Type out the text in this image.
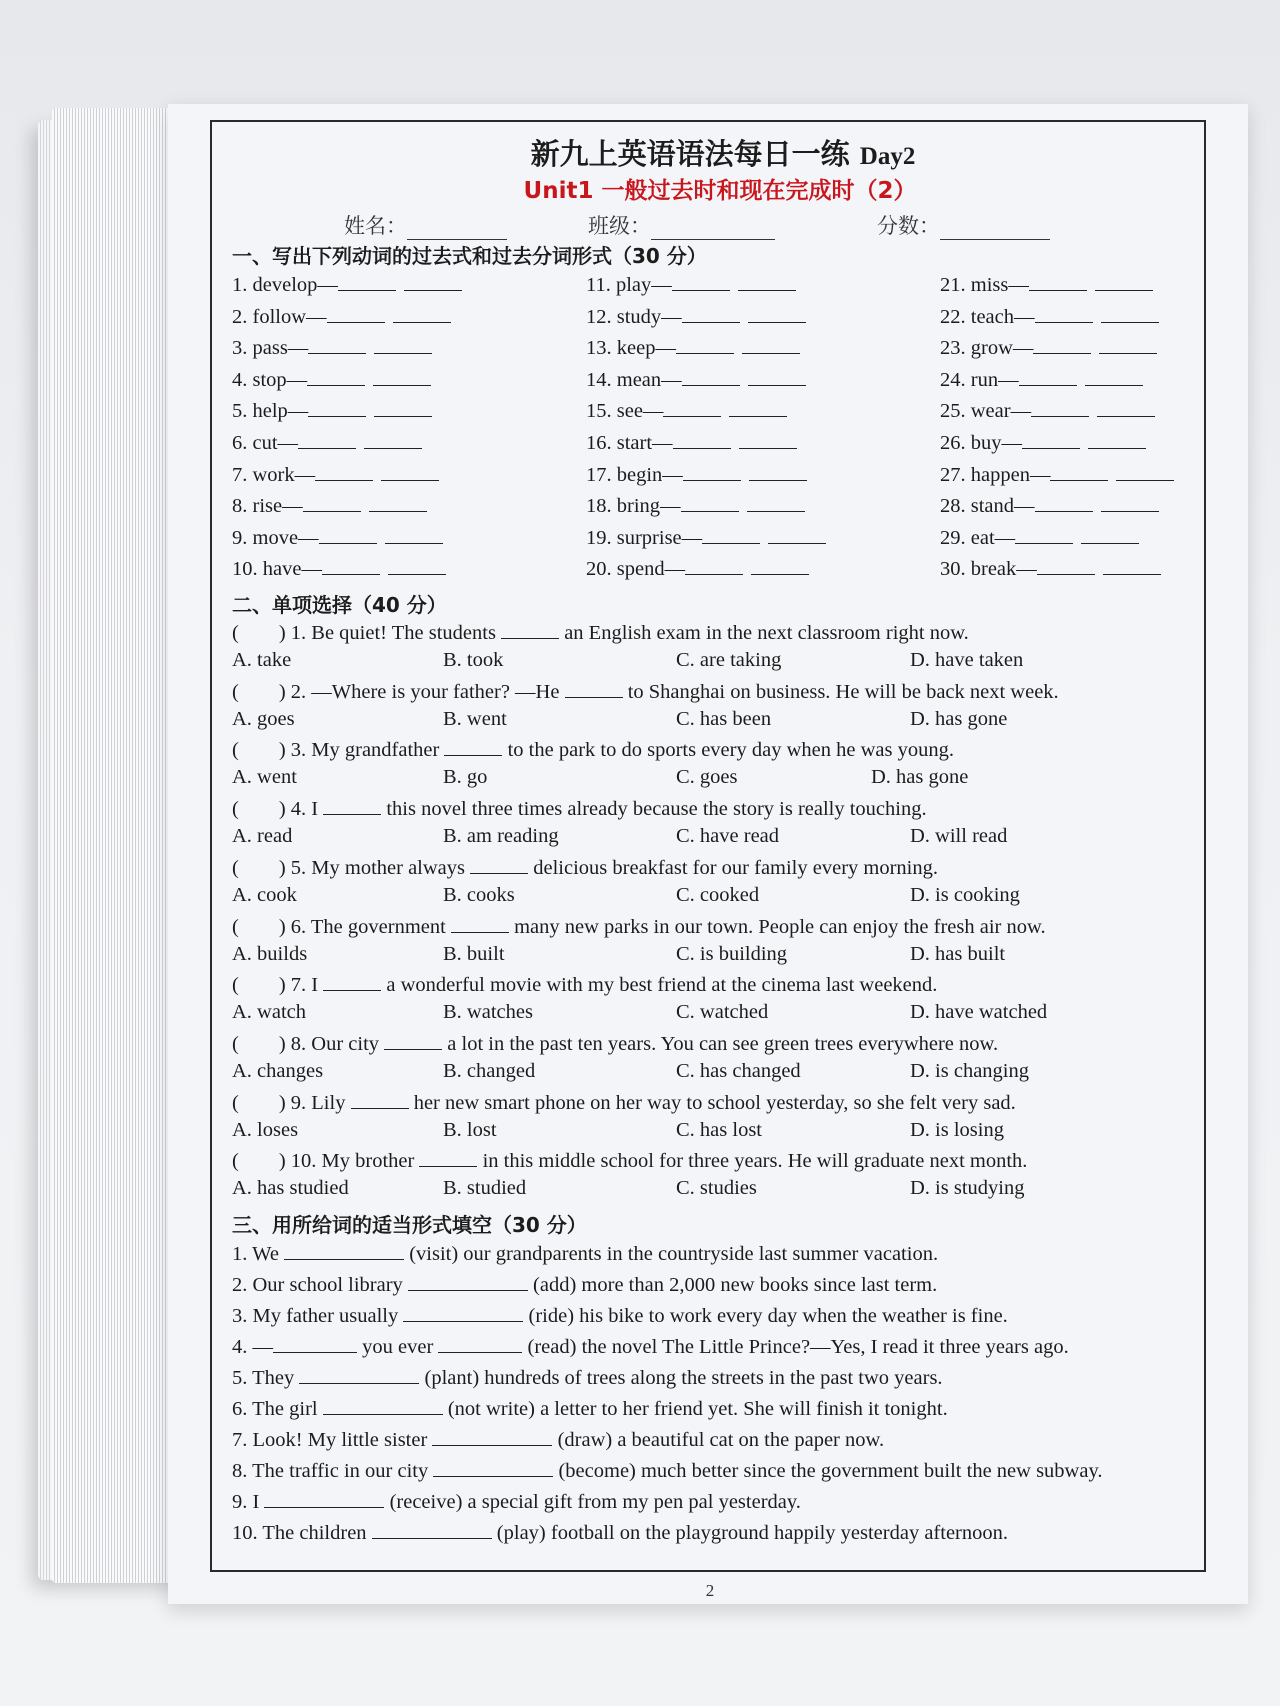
新九上英语语法每日一练 Day2
Unit1 一般过去时和现在完成时（2）
姓名：	班级：	分数：
一、写出下列动词的过去式和过去分词形式（30 分）
1. develop—
2. follow—
3. pass—
4. stop—
5. help—
6. cut—
7. work—
8. rise—
9. move—
10. have—
11. play—
12. study—
13. keep—
14. mean—
15. see—
16. start—
17. begin—
18. bring—
19. surprise—
20. spend—
21. miss—
22. teach—
23. grow—
24. run—
25. wear—
26. buy—
27. happen—
28. stand—
29. eat—
30. break—
二、单项选择（40 分）
( ) 1. Be quiet! The students	an English exam in the next classroom right now.
A. take	B. took	C. are taking	D. have taken
( ) 2. —Where is your father? —He	to Shanghai on business. He will be back next week.
A. goes	B. went	C. has been	D. has gone
( ) 3. My grandfather	to the park to do sports every day when he was young.
A. went	B. go	C. goes	D. has gone
( ) 4. I	this novel three times already because the story is really touching.
A. read	B. am reading	C. have read	D. will read
( ) 5. My mother always	delicious breakfast for our family every morning.
A. cook	B. cooks	C. cooked	D. is cooking
( ) 6. The government	many new parks in our town. People can enjoy the fresh air now.
A. builds	B. built	C. is building	D. has built
( ) 7. I	a wonderful movie with my best friend at the cinema last weekend.
A. watch	B. watches	C. watched	D. have watched
( ) 8. Our city	a lot in the past ten years. You can see green trees everywhere now.
A. changes	B. changed	C. has changed	D. is changing
( ) 9. Lily	her new smart phone on her way to school yesterday, so she felt very sad.
A. loses	B. lost	C. has lost	D. is losing
( ) 10. My brother	in this middle school for three years. He will graduate next month.
A. has studied	B. studied	C. studies	D. is studying
三、用所给词的适当形式填空（30 分）
1. We	(visit) our grandparents in the countryside last summer vacation.
2. Our school library	(add) more than 2,000 new books since last term.
3. My father usually	(ride) his bike to work every day when the weather is fine.
5. They	(plant) hundreds of trees along the streets in the past two years.
6. The girl	(not write) a letter to her friend yet. She will finish it tonight.
7. Look! My little sister	(draw) a beautiful cat on the paper now.
8. The traffic in our city	(become) much better since the government built the new subway.
9. I	(receive) a special gift from my pen pal yesterday.
10. The children	(play) football on the playground happily yesterday afternoon.
4. —	you ever	(read) the novel The Little Prince?—Yes, I read it three years ago.
2
